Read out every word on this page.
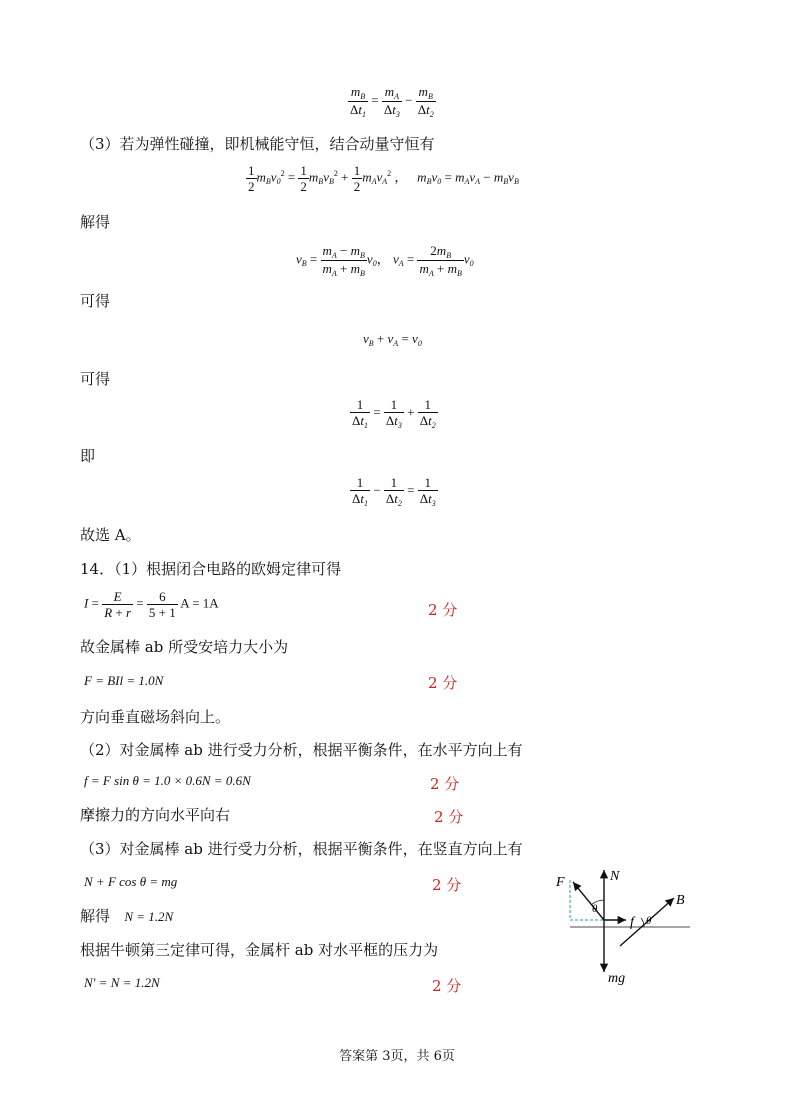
$\frac{m_B}{\Delta t_1} = \frac{m_A}{\Delta t_3} - \frac{m_B}{\Delta t_2}$
（3）若为弹性碰撞，即机械能守恒，结合动量守恒有
$\frac{1}{2} m_Bv_0^2 = \frac{1}{2} m_Bv_B^2 + \frac{1}{2} m_Av_A^2$ ，   $m_Bv_0 = m_Av_A - m_Bv_B$
解得
$v_B = \frac{m_A - m_B}{m_A + m_B} v_0$， $v_A = \frac{2m_B}{m_A + m_B} v_0$
可得
$v_B + v_A = v_0$
可得
$\frac{1}{\Delta t_1} = \frac{1}{\Delta t_3} + \frac{1}{\Delta t_2}$
即
$\frac{1}{\Delta t_1} - \frac{1}{\Delta t_2} = \frac{1}{\Delta t_3}$
故选 A。
14．（1）根据闭合电路的欧姆定律可得
$I = \frac{E}{R + r} = \frac{6}{5 + 1}$ A = 1A	2 分
故金属棒 ab 所受安培力大小为
F = BIl = 1.0N	2 分
方向垂直磁场斜向上。
（2）对金属棒 ab 进行受力分析，根据平衡条件，在水平方向上有
f = F sin θ = 1.0 × 0.6N = 0.6N	2 分
摩擦力的方向水平向右	2 分
（3）对金属棒 ab 进行受力分析，根据平衡条件，在竖直方向上有
N + F cos θ = mg	2 分
解得 N = 1.2N
根据牛顿第三定律可得，金属杆 ab 对水平框的压力为
N′ = N = 1.2N	2 分
F	N
B
f
θ
θ
mg
答案第 3页，共 6页
